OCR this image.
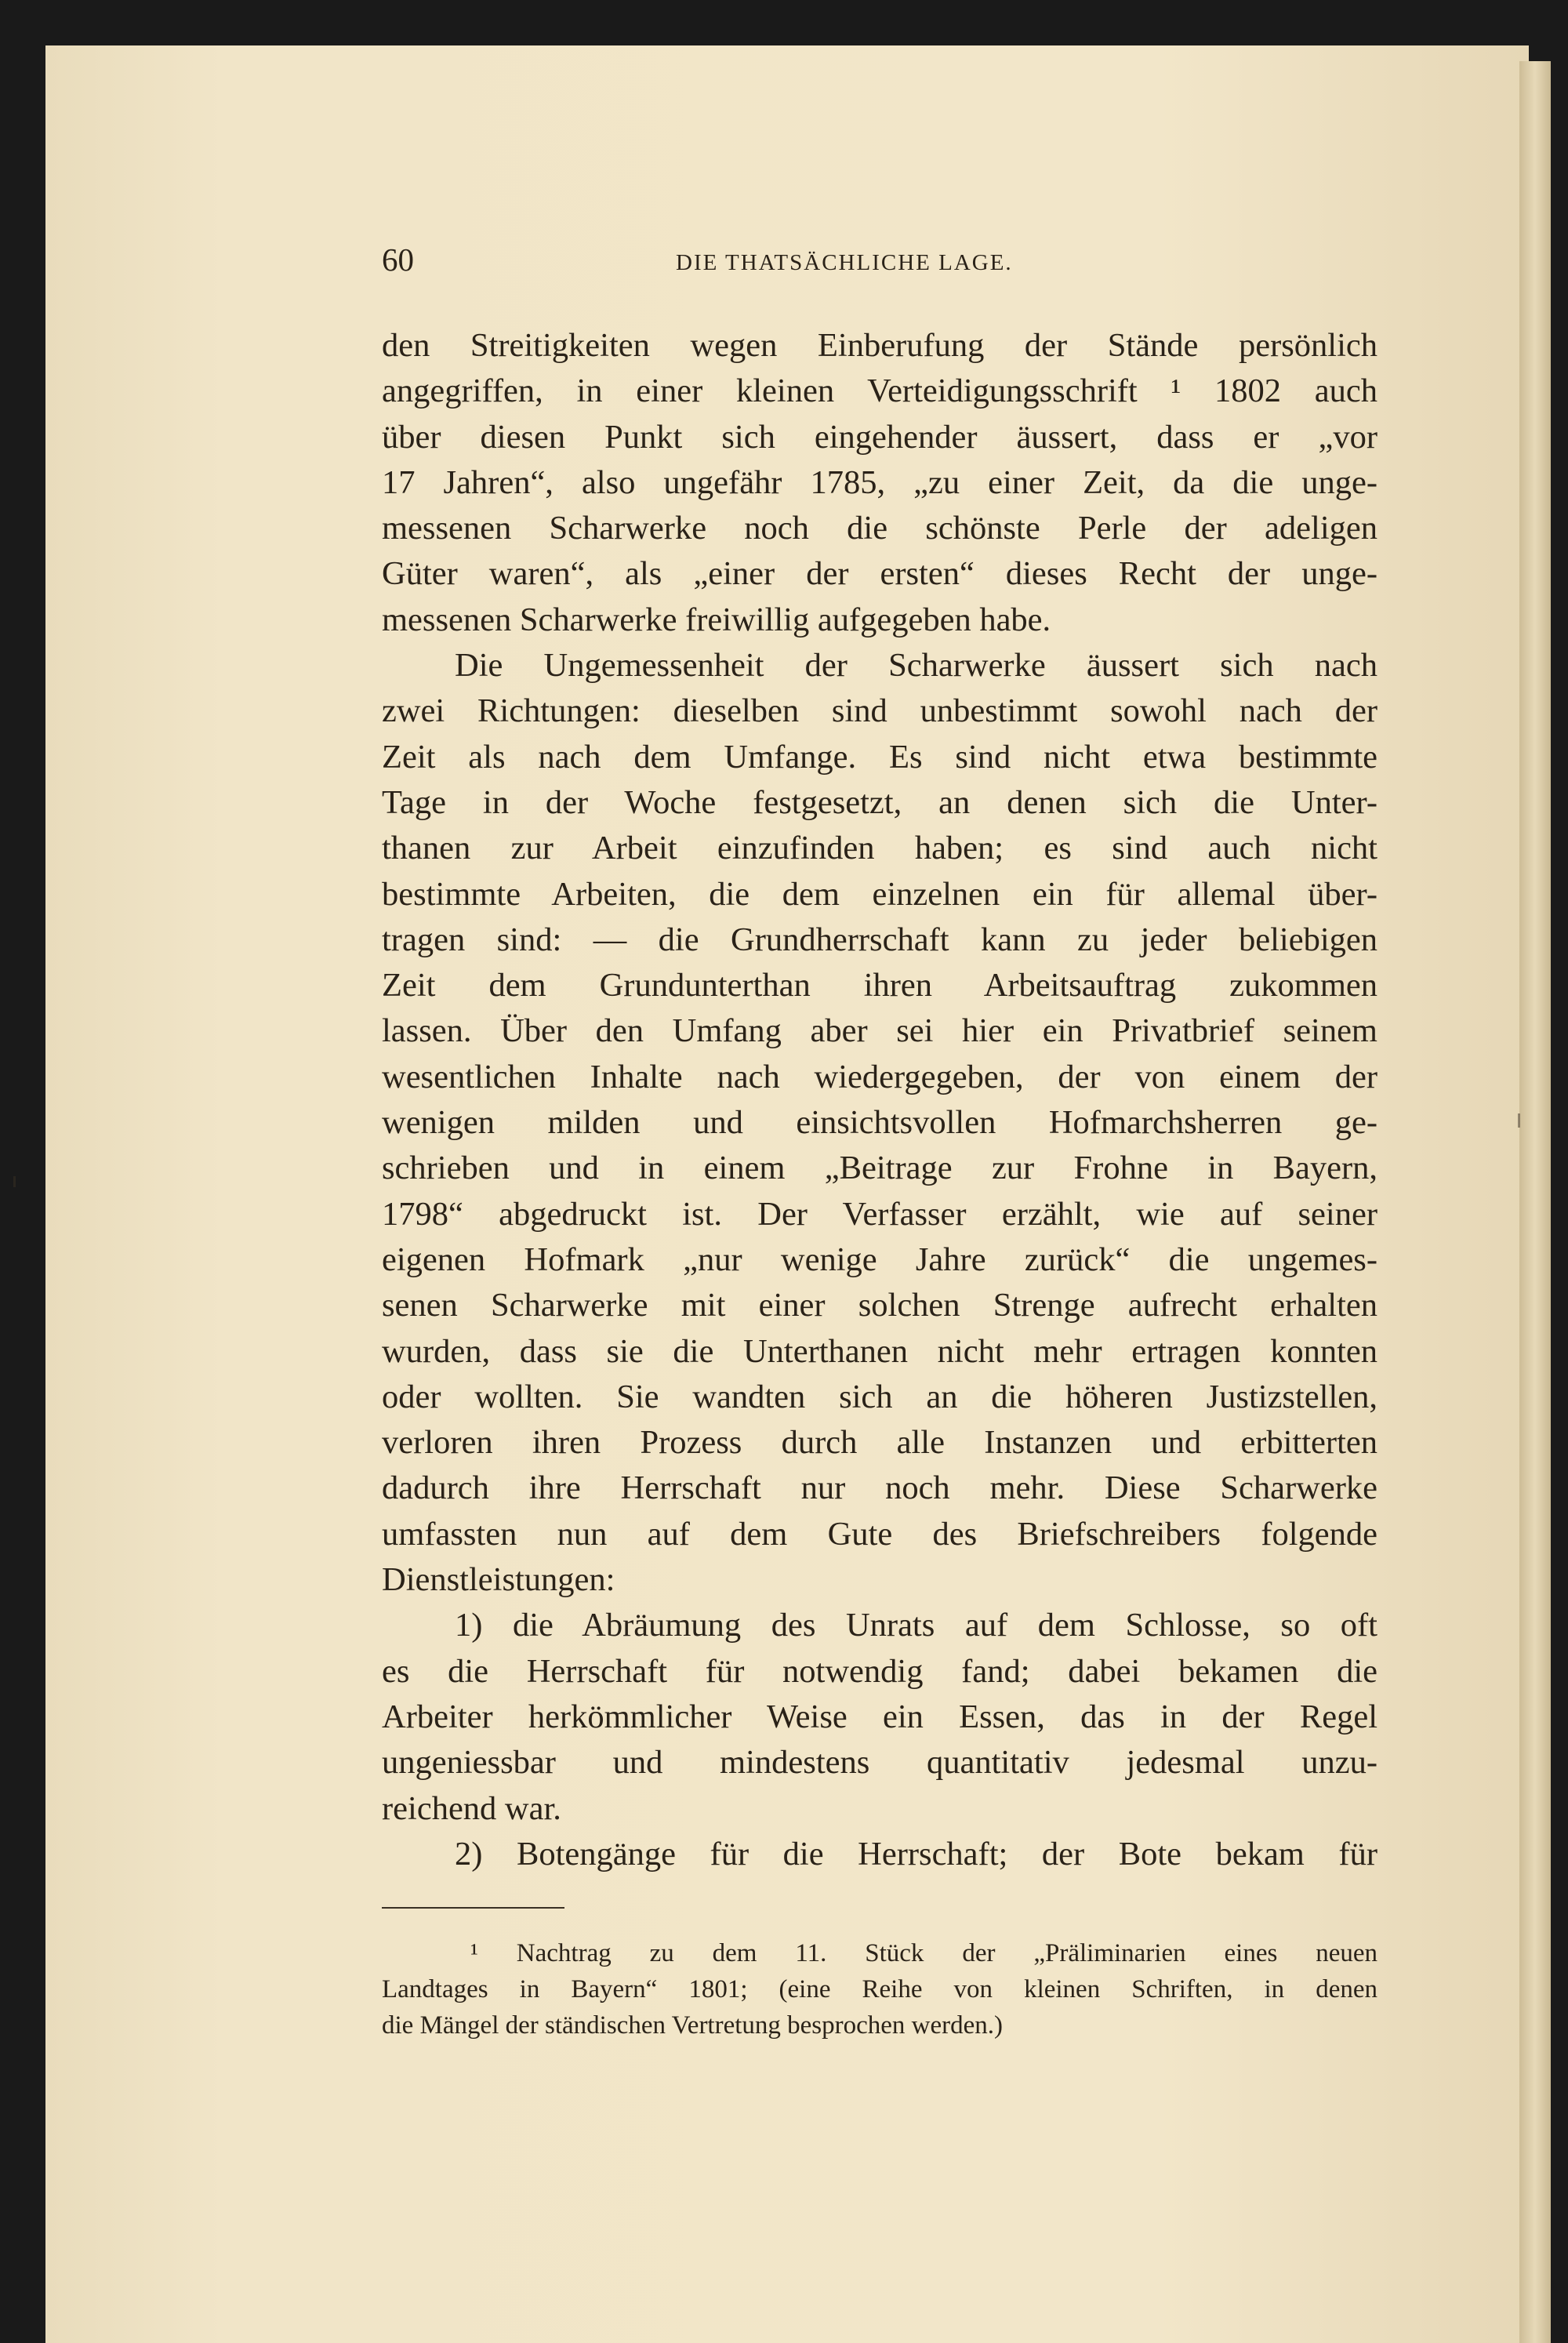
60	DIE THATSÄCHLICHE LAGE.
den Streitigkeiten wegen Einberufung der Stände persönlich
angegriffen, in einer kleinen Verteidigungsschrift ¹ 1802 auch
über diesen Punkt sich eingehender äussert, dass er „vor
17 Jahren“, also ungefähr 1785, „zu einer Zeit, da die unge-
messenen Scharwerke noch die schönste Perle der adeligen
Güter waren“, als „einer der ersten“ dieses Recht der unge-
messenen Scharwerke freiwillig aufgegeben habe.
Die Ungemessenheit der Scharwerke äussert sich nach
zwei Richtungen: dieselben sind unbestimmt sowohl nach der
Zeit als nach dem Umfange. Es sind nicht etwa bestimmte
Tage in der Woche festgesetzt, an denen sich die Unter-
thanen zur Arbeit einzufinden haben; es sind auch nicht
bestimmte Arbeiten, die dem einzelnen ein für allemal über-
tragen sind: — die Grundherrschaft kann zu jeder beliebigen
Zeit dem Grundunterthan ihren Arbeitsauftrag zukommen
lassen. Über den Umfang aber sei hier ein Privatbrief seinem
wesentlichen Inhalte nach wiedergegeben, der von einem der
wenigen milden und einsichtsvollen Hofmarchsherren ge-
schrieben und in einem „Beitrage zur Frohne in Bayern,
1798“ abgedruckt ist. Der Verfasser erzählt, wie auf seiner
eigenen Hofmark „nur wenige Jahre zurück“ die ungemes-
senen Scharwerke mit einer solchen Strenge aufrecht erhalten
wurden, dass sie die Unterthanen nicht mehr ertragen konnten
oder wollten. Sie wandten sich an die höheren Justizstellen,
verloren ihren Prozess durch alle Instanzen und erbitterten
dadurch ihre Herrschaft nur noch mehr. Diese Scharwerke
umfassten nun auf dem Gute des Briefschreibers folgende
Dienstleistungen:
1) die Abräumung des Unrats auf dem Schlosse, so oft
es die Herrschaft für notwendig fand; dabei bekamen die
Arbeiter herkömmlicher Weise ein Essen, das in der Regel
ungeniessbar und mindestens quantitativ jedesmal unzu-
reichend war.
2) Botengänge für die Herrschaft; der Bote bekam für
¹ Nachtrag zu dem 11. Stück der „Präliminarien eines neuen
Landtages in Bayern“ 1801; (eine Reihe von kleinen Schriften, in denen
die Mängel der ständischen Vertretung besprochen werden.)
